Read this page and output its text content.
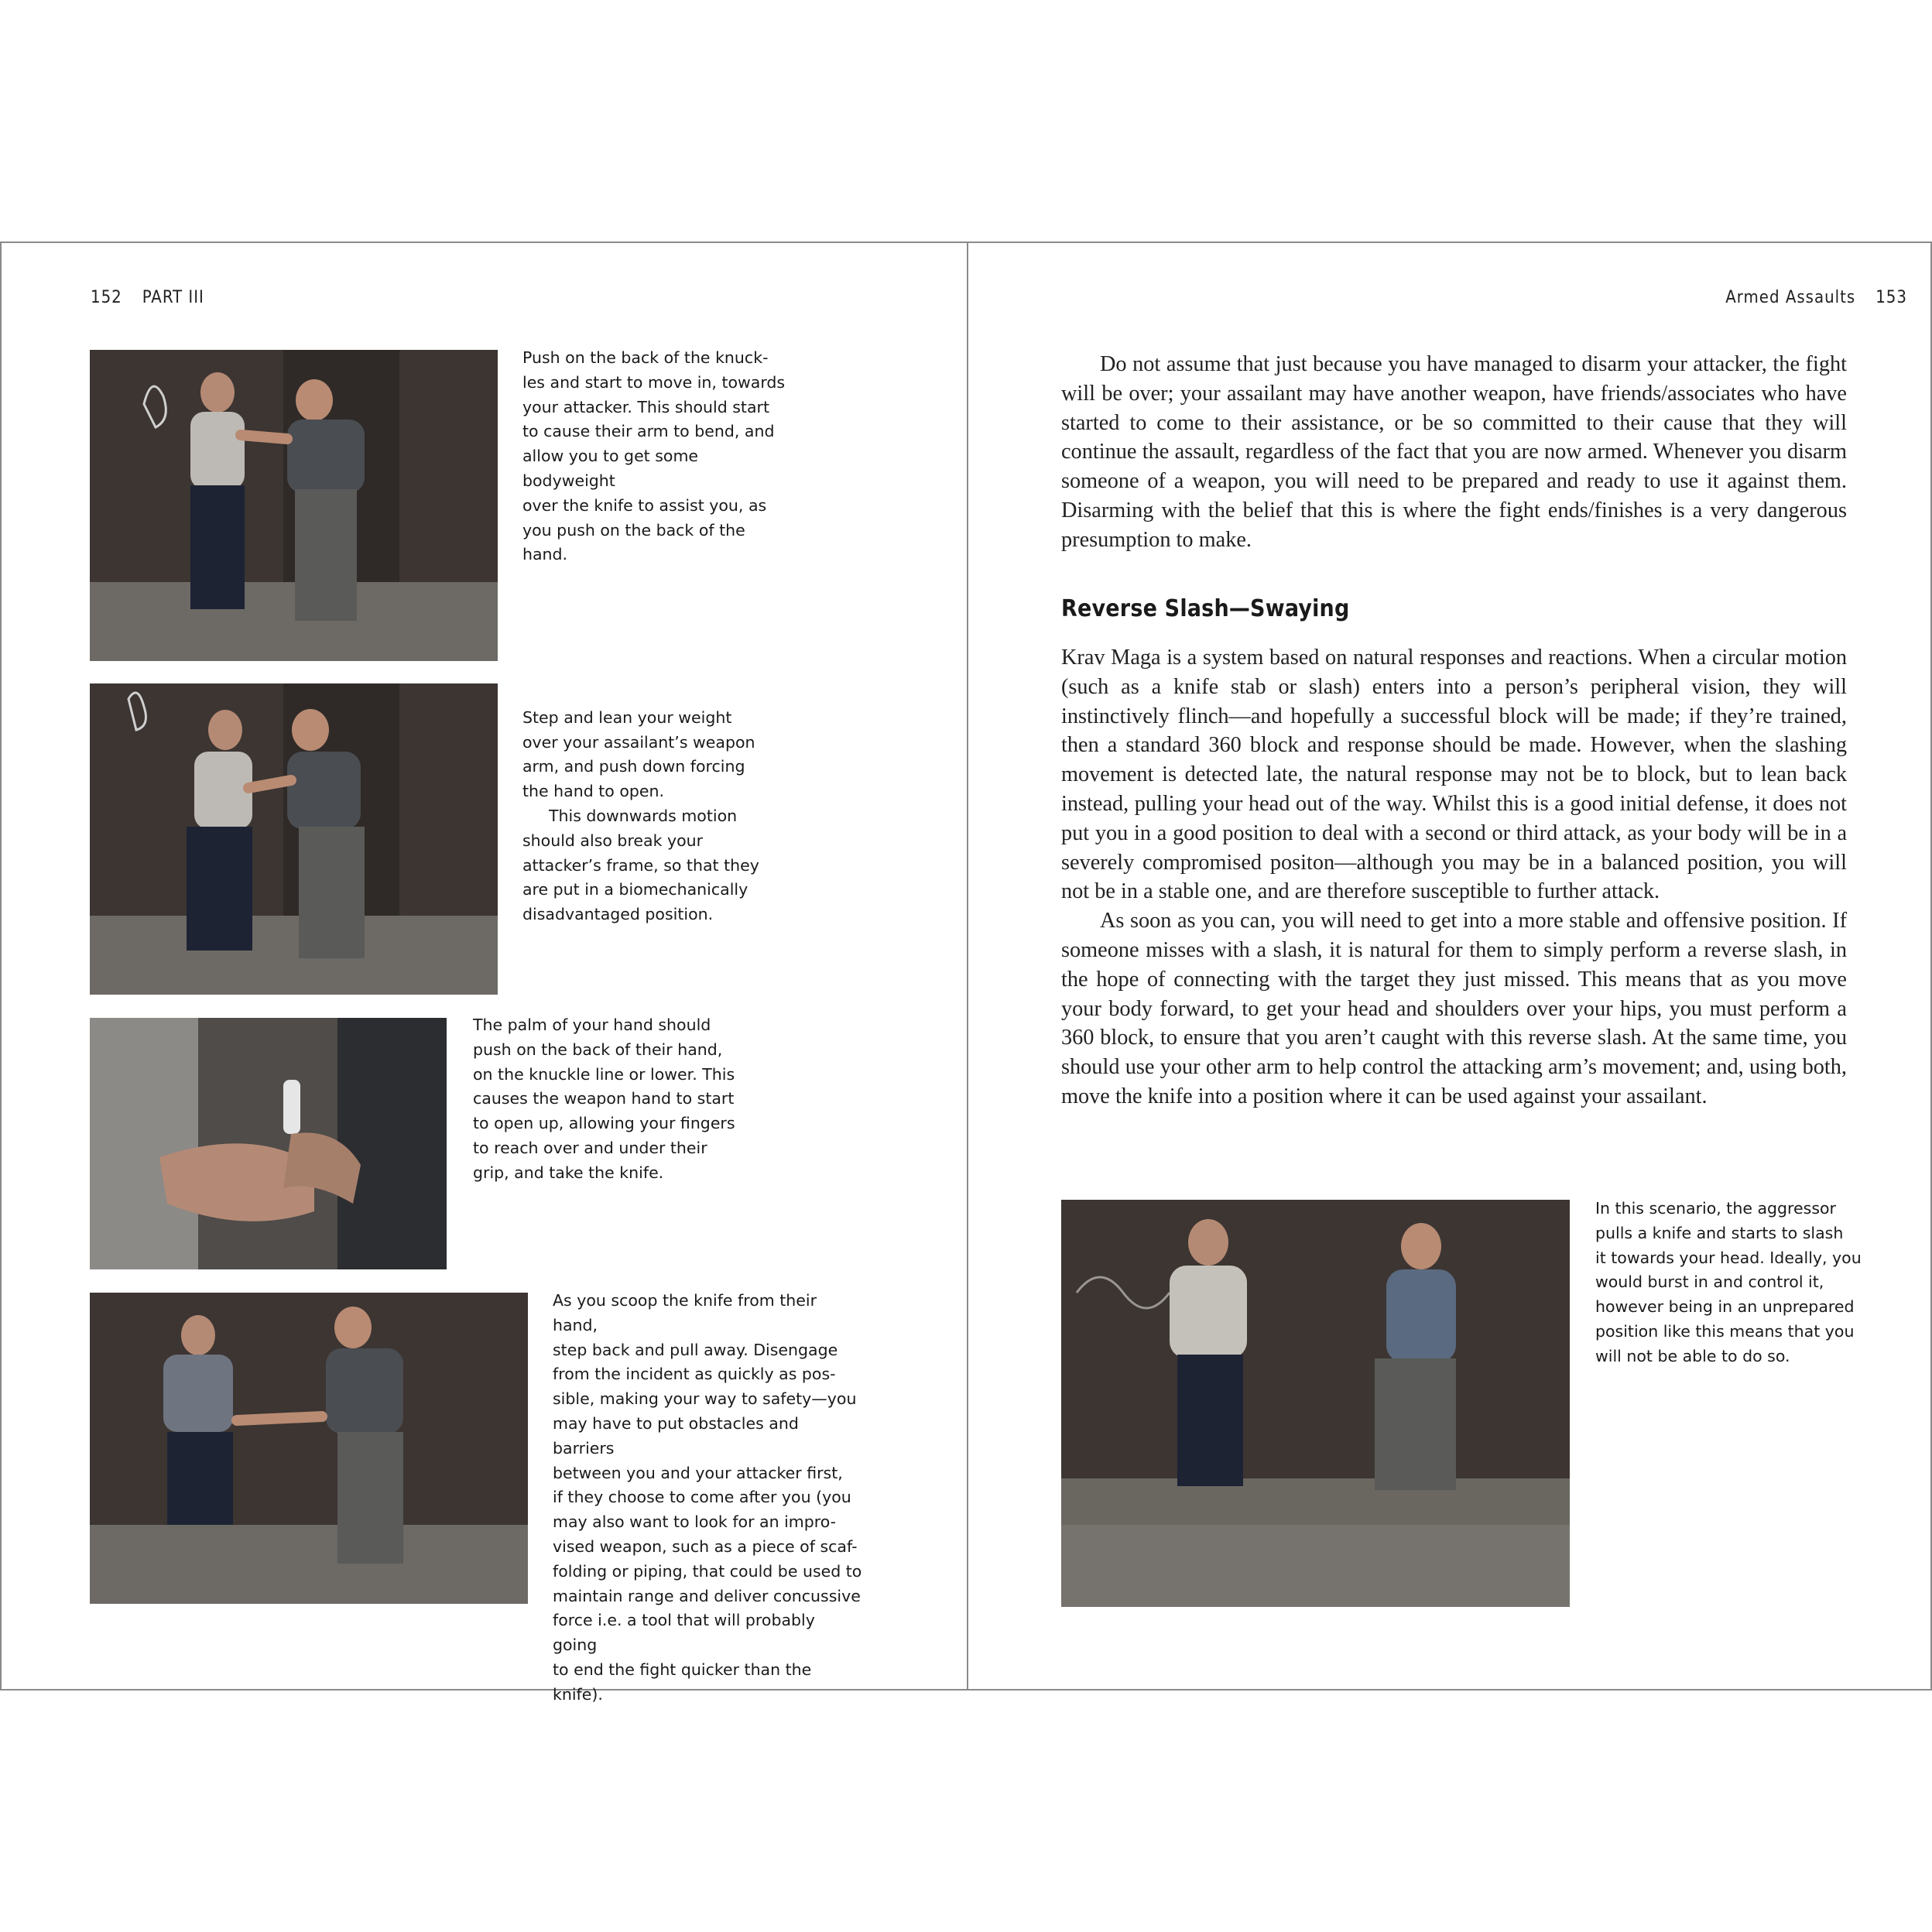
152 PART III
Push on the back of the knuck-
les and start to move in, towards
your attacker. This should start
to cause their arm to bend, and
allow you to get some bodyweight
over the knife to assist you, as
you push on the back of the hand.

Step and lean your weight
over your assailant’s weapon
arm, and push down forcing
the hand to open.
This downwards motion
should also break your
attacker’s frame, so that they
are put in a biomechanically
disadvantaged position.

The palm of your hand should
push on the back of their hand,
on the knuckle line or lower. This
causes the weapon hand to start
to open up, allowing your fingers
to reach over and under their
grip, and take the knife.
As you scoop the knife from their hand,
step back and pull away. Disengage
from the incident as quickly as pos-
sible, making your way to safety—you
may have to put obstacles and barriers
between you and your attacker first,
if they choose to come after you (you
may also want to look for an impro-
vised weapon, such as a piece of scaf-
folding or piping, that could be used to
maintain range and deliver concussive
force i.e. a tool that will probably going
to end the fight quicker than the knife).
Armed Assaults 153

Do not assume that just because you have managed to disarm your attacker, the fight will be over; your assailant may have another weapon, have friends/associates who have started to come to their assistance, or be so committed to their cause that they will continue the assault, regardless of the fact that you are now armed. Whenever you disarm someone of a weapon, you will need to be prepared and ready to use it against them. Disarming with the belief that this is where the fight ends/finishes is a very dangerous presumption to make.

Reverse Slash—Swaying

Krav Maga is a system based on natural responses and reactions. When a circular motion (such as a knife stab or slash) enters into a person’s peripheral vision, they will instinctively flinch—and hopefully a successful block will be made; if they’re trained, then a standard 360 block and response should be made. However, when the slashing movement is detected late, the natural response may not be to block, but to lean back instead, pulling your head out of the way. Whilst this is a good initial defense, it does not put you in a good position to deal with a second or third attack, as your body will be in a severely compromised positon—although you may be in a balanced position, you will not be in a stable one, and are therefore susceptible to further attack.

As soon as you can, you will need to get into a more stable and offensive position. If someone misses with a slash, it is natural for them to simply perform a reverse slash, in the hope of connecting with the target they just missed. This means that as you move your body forward, to get your head and shoulders over your hips, you must perform a 360 block, to ensure that you aren’t caught with this reverse slash. At the same time, you should use your other arm to help control the attacking arm’s movement; and, using both, move the knife into a position where it can be used against your assailant.

In this scenario, the aggressor
pulls a knife and starts to slash
it towards your head. Ideally, you
would burst in and control it,
however being in an unprepared
position like this means that you
will not be able to do so.
